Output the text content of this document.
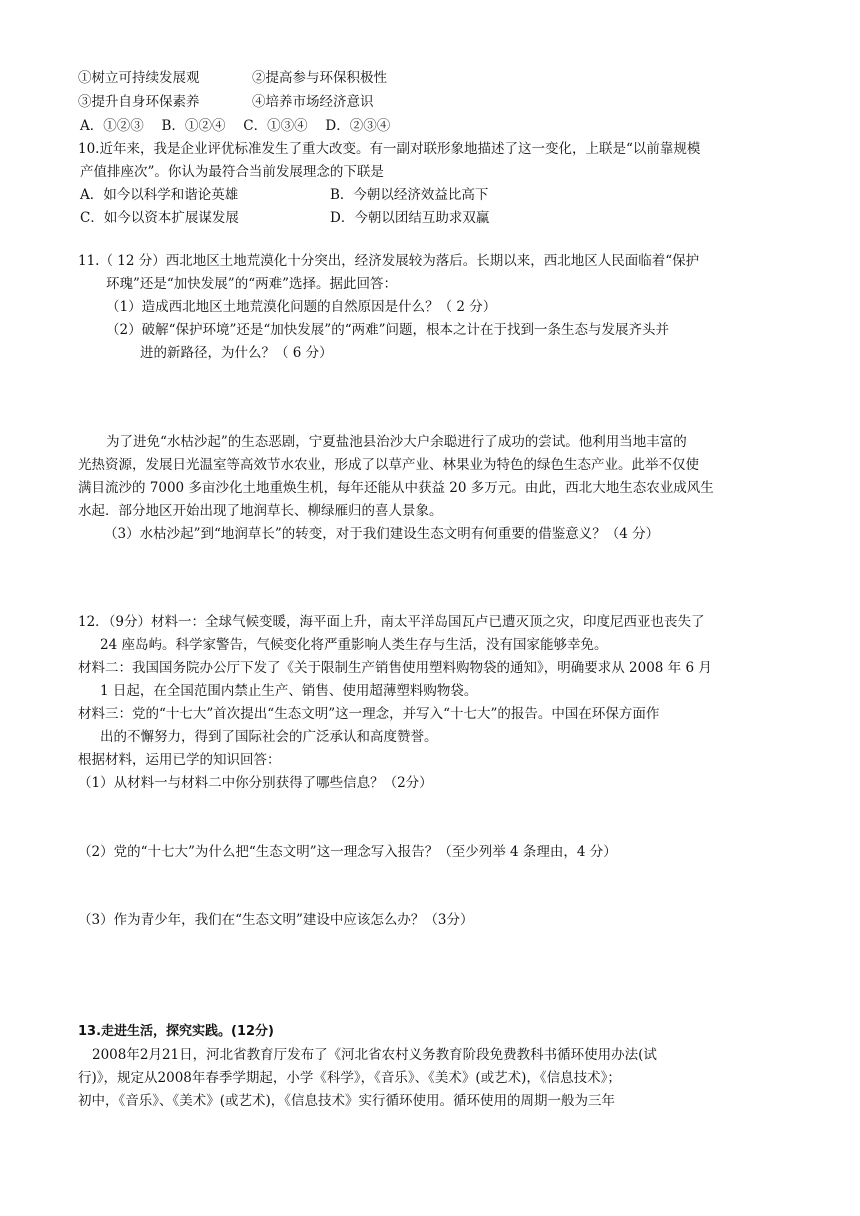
①树立可持续发展观	②提高参与环保积极性
③提升自身环保素养	④培养市场经济意识
A．①②③　 B．①②④　 C．①③④　 D．②③④
10.近年来，我是企业评优标准发生了重大改变。有一副对联形象地描述了这一变化，上联是“以前靠规模
产值排座次”。你认为最符合当前发展理念的下联是
A．如今以科学和谐论英雄	B．今朝以经济效益比高下
C．如今以资本扩展谋发展	D．今朝以团结互助求双赢
11.（ 12 分）西北地区土地荒漠化十分突出，经济发展较为落后。长期以来，西北地区人民面临着“保护
环瑰”还是“加快发展”的“两难”选择。据此回答：
（1）造成西北地区土地荒漠化问题的自然原因是什么？（ 2 分）
（2）破解“保护环境”还是“加快发展”的“两难”问题，根本之计在于找到一条生态与发展齐头并
进的新路径，为什么？（ 6 分）
为了进免“水枯沙起”的生态恶剧，宁夏盐池县治沙大户余聪进行了成功的尝试。他利用当地丰富的
光热资源，发展日光温室等高效节水农业，形成了以草产业、林果业为特色的绿色生态产业。此举不仅使
满目流沙的 7000 多亩沙化土地重焕生机，每年还能从中获益 20 多万元。由此，西北大地生态农业成风生
水起．部分地区开始出现了地润草长、柳绿雁归的喜人景象。
（3）水枯沙起”到“地润草长”的转变，对于我们建设生态文明有何重要的借鉴意义？（4 分）
12．（9分）材料一：全球气候变暖，海平面上升，南太平洋岛国瓦卢已遭灭顶之灾，印度尼西亚也丧失了
24 座岛屿。科学家警告，气候变化将严重影响人类生存与生活，没有国家能够幸免。
材料二：我国国务院办公厅下发了《关于限制生产销售使用塑料购物袋的通知》，明确要求从 2008 年 6 月
1 日起，在全国范围内禁止生产、销售、使用超薄塑料购物袋。
材料三：党的“十七大”首次提出“生态文明”这一理念，并写入“十七大”的报告。中国在环保方面作
出的不懈努力，得到了国际社会的广泛承认和高度赞誉。
根据材料，运用已学的知识回答：
（1）从材料一与材料二中你分别获得了哪些信息？（2分）
（2）党的“十七大”为什么把“生态文明”这一理念写入报告？（至少列举 4 条理由，4 分）
（3）作为青少年，我们在“生态文明”建设中应该怎么办？（3分）
13.走进生活，探究实践。(12分)
2008年2月21日，河北省教育厅发布了《河北省农村义务教育阶段免费教科书循环使用办法(试
行)》，规定从2008年春季学期起，小学《科学》，《音乐》、《美术》(或艺术)，《信息技术》；
初中，《音乐》、《美术》(或艺术)，《信息技术》实行循环使用。循环使用的周期一般为三年
